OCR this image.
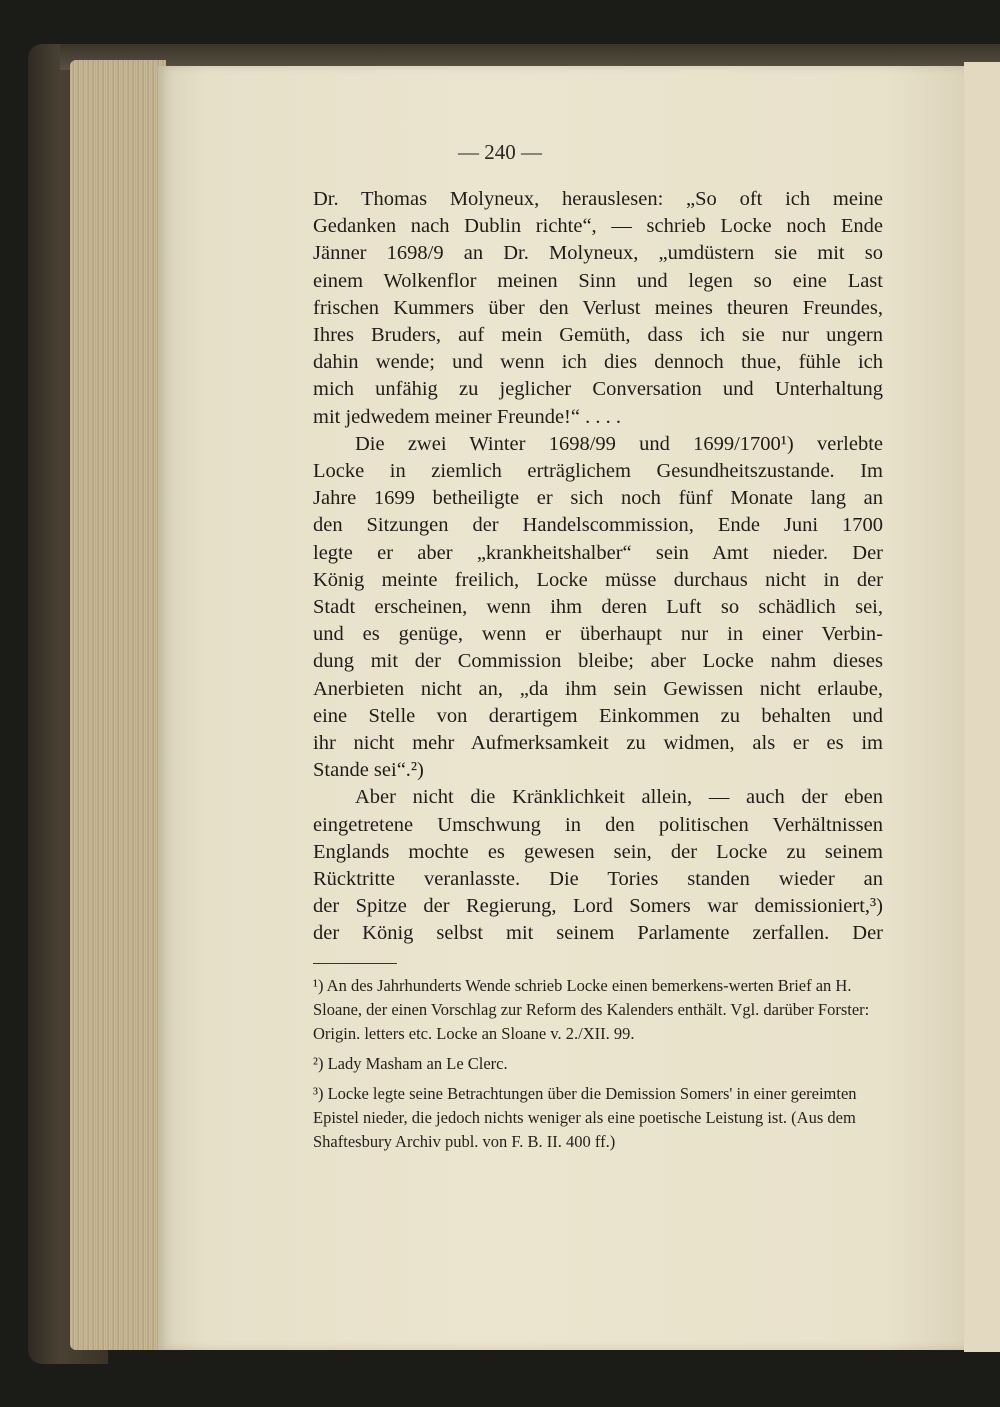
— 240 —
Dr. Thomas Molyneux, herauslesen: „So oft ich meine
Gedanken nach Dublin richte“, — schrieb Locke noch Ende
Jänner 1698/9 an Dr. Molyneux, „umdüstern sie mit so
einem Wolkenflor meinen Sinn und legen so eine Last
frischen Kummers über den Verlust meines theuren Freundes,
Ihres Bruders, auf mein Gemüth, dass ich sie nur ungern
dahin wende; und wenn ich dies dennoch thue, fühle ich
mich unfähig zu jeglicher Conversation und Unterhaltung
mit jedwedem meiner Freunde!“ . . . .
Die zwei Winter 1698/99 und 1699/1700¹) verlebte
Locke in ziemlich erträglichem Gesundheitszustande. Im
Jahre 1699 betheiligte er sich noch fünf Monate lang an
den Sitzungen der Handelscommission, Ende Juni 1700
legte er aber „krankheitshalber“ sein Amt nieder. Der
König meinte freilich, Locke müsse durchaus nicht in der
Stadt erscheinen, wenn ihm deren Luft so schädlich sei,
und es genüge, wenn er überhaupt nur in einer Verbin-
dung mit der Commission bleibe; aber Locke nahm dieses
Anerbieten nicht an, „da ihm sein Gewissen nicht erlaube,
eine Stelle von derartigem Einkommen zu behalten und
ihr nicht mehr Aufmerksamkeit zu widmen, als er es im
Stande sei“.²)
Aber nicht die Kränklichkeit allein, — auch der eben
eingetretene Umschwung in den politischen Verhältnissen
Englands mochte es gewesen sein, der Locke zu seinem
Rücktritte veranlasste. Die Tories standen wieder an
der Spitze der Regierung, Lord Somers war demissioniert,³)
der König selbst mit seinem Parlamente zerfallen. Der
¹) An des Jahrhunderts Wende schrieb Locke einen bemerkens-werten Brief an H. Sloane, der einen Vorschlag zur Reform des Kalenders enthält. Vgl. darüber Forster: Origin. letters etc. Locke an Sloane v. 2./XII. 99.
²) Lady Masham an Le Clerc.
³) Locke legte seine Betrachtungen über die Demission Somers' in einer gereimten Epistel nieder, die jedoch nichts weniger als eine poetische Leistung ist. (Aus dem Shaftesbury Archiv publ. von F. B. II. 400 ff.)
